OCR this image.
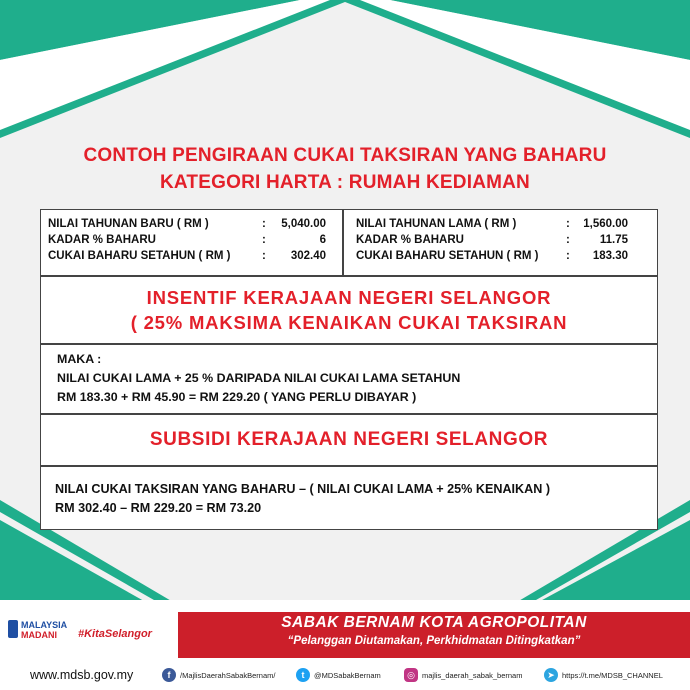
CONTOH PENGIRAAN CUKAI TAKSIRAN YANG BAHARU
KATEGORI HARTA : RUMAH KEDIAMAN
NILAI TAHUNAN BARU ( RM )	: 5,040.00
KADAR % BAHARU	:	6
CUKAI BAHARU SETAHUN ( RM )	: 302.40
NILAI TAHUNAN LAMA ( RM )	: 1,560.00
KADAR % BAHARU	:	11.75
CUKAI BAHARU SETAHUN ( RM ) : 183.30
INSENTIF KERAJAAN NEGERI SELANGOR
( 25% MAKSIMA KENAIKAN CUKAI TAKSIRAN
MAKA :
NILAI CUKAI LAMA + 25 % DARIPADA NILAI CUKAI LAMA SETAHUN
RM 183.30 + RM 45.90 = RM 229.20 ( YANG PERLU DIBAYAR )
SUBSIDI KERAJAAN NEGERI SELANGOR
NILAI CUKAI TAKSIRAN YANG BAHARU – ( NILAI CUKAI LAMA + 25% KENAIKAN )
RM 302.40 – RM 229.20 = RM 73.20
MALAYSIA
MADANI	#KitaSelangor
SABAK BERNAM KOTA AGROPOLITAN
“Pelanggan Diutamakan, Perkhidmatan Ditingkatkan”
www.mdsb.gov.my	f	/MajlisDaerahSabakBernam/	t	@MDSabakBernam	◎ majlis_daerah_sabak_bernam	➤ https://t.me/MDSB_CHANNEL
